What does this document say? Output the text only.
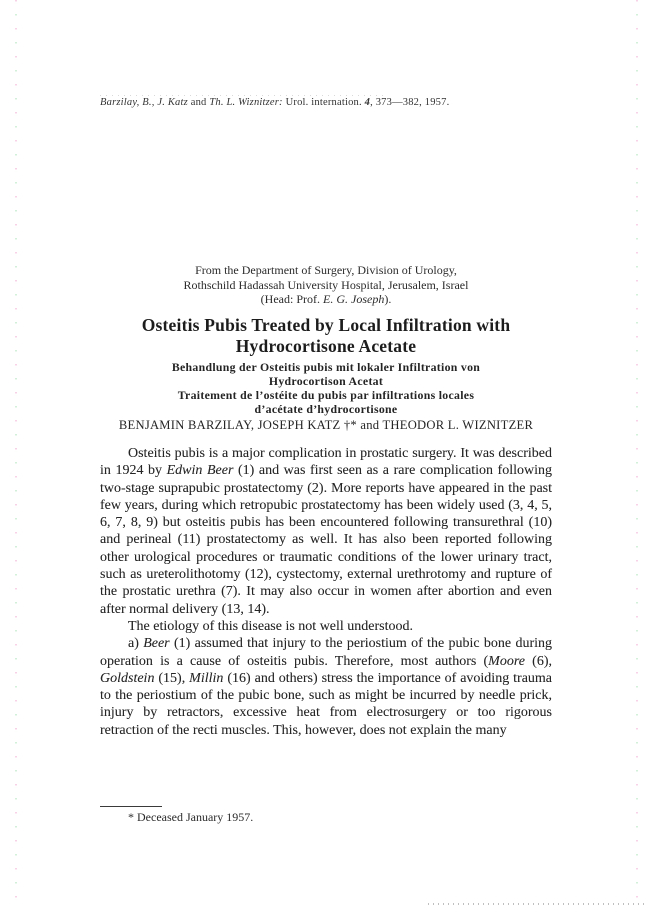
Barzilay, B., J. Katz and Th. L. Wiznitzer: Urol. internation. 4, 373—382, 1957.
From the Department of Surgery, Division of Urology,
Rothschild Hadassah University Hospital, Jerusalem, Israel
(Head: Prof. E. G. Joseph).
Osteitis Pubis Treated by Local Infiltration with
Hydrocortisone Acetate
Behandlung der Osteitis pubis mit lokaler Infiltration von
Hydrocortison Acetat
Traitement de l’ostéite du pubis par infiltrations locales
d’acétate d’hydrocortisone
BENJAMIN BARZILAY, JOSEPH KATZ †* and THEODOR L. WIZNITZER

Osteitis pubis is a major complication in prostatic surgery. It was described in 1924 by Edwin Beer (1) and was first seen as a rare complication following two-stage suprapubic prostatectomy (2). More reports have appeared in the past few years, during which retropubic prostatectomy has been widely used (3, 4, 5, 6, 7, 8, 9) but osteitis pubis has been encountered following transurethral (10) and perineal (11) prostatectomy as well. It has also been reported following other urological procedures or traumatic conditions of the lower urinary tract, such as ureterolithotomy (12), cystectomy, external urethrotomy and rupture of the prostatic urethra (7). It may also occur in women after abortion and even after normal delivery (13, 14).

The etiology of this disease is not well understood.

a) Beer (1) assumed that injury to the periostium of the pubic bone during operation is a cause of osteitis pubis. Therefore, most authors (Moore (6), Goldstein (15), Millin (16) and others) stress the importance of avoiding trauma to the periostium of the pubic bone, such as might be incurred by needle prick, injury by retractors, excessive heat from electrosurgery or too rigorous retraction of the recti muscles. This, however, does not explain the many

* Deceased January 1957.
